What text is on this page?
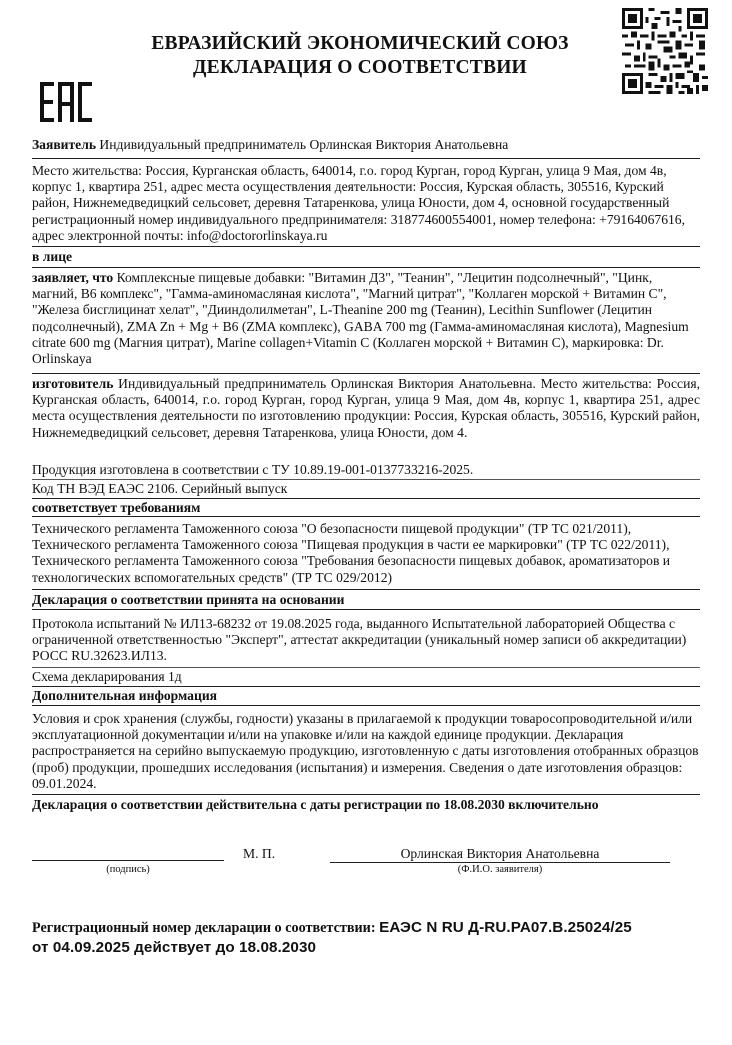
ЕВРАЗИЙСКИЙ ЭКОНОМИЧЕСКИЙ СОЮЗ
ДЕКЛАРАЦИЯ О СООТВЕТСТВИИ
Заявитель Индивидуальный предприниматель Орлинская Виктория Анатольевна
Место жительства: Россия, Курганская область, 640014, г.о. город Курган, город Курган, улица 9 Мая, дом 4в, корпус 1, квартира 251, адрес места осуществления деятельности: Россия, Курская область, 305516, Курский район, Нижнемедведицкий сельсовет, деревня Татаренкова, улица Юности, дом 4, основной государственный регистрационный номер индивидуального предпринимателя: 318774600554001, номер телефона: +79164067616, адрес электронной почты: info@doctororlinskaya.ru
в лице
заявляет, что Комплексные пищевые добавки: "Витамин Д3", "Теанин", "Лецитин подсолнечный", "Цинк, магний, В6 комплекс", "Гамма-аминомасляная кислота", "Магний цитрат", "Коллаген морской + Витамин С", "Железа бисглицинат хелат", "Дииндолилметан", L-Theanine 200 mg (Теанин), Lecithin Sunflower (Лецитин подсолнечный), ZMA Zn + Mg + B6 (ZMA комплекс), GABA 700 mg (Гамма-аминомасляная кислота), Magnesium citrate 600 mg (Магния цитрат), Marine collagen+Vitamin C (Коллаген морской + Витамин С), маркировка: Dr. Orlinskaya
изготовитель Индивидуальный предприниматель Орлинская Виктория Анатольевна. Место жительства: Россия, Курганская область, 640014, г.о. город Курган, город Курган, улица 9 Мая, дом 4в, корпус 1, квартира 251, адрес места осуществления деятельности по изготовлению продукции: Россия, Курская область, 305516, Курский район, Нижнемедведицкий сельсовет, деревня Татаренкова, улица Юности, дом 4.
Продукция изготовлена в соответствии с ТУ 10.89.19-001-0137733216-2025.
Код ТН ВЭД ЕАЭС 2106. Серийный выпуск
соответствует требованиям
Технического регламента Таможенного союза "О безопасности пищевой продукции" (ТР ТС 021/2011), Технического регламента Таможенного союза "Пищевая продукция в части ее маркировки" (ТР ТС 022/2011), Технического регламента Таможенного союза "Требования безопасности пищевых добавок, ароматизаторов и технологических вспомогательных средств" (ТР ТС 029/2012)
Декларация о соответствии принята на основании
Протокола испытаний № ИЛ13-68232 от 19.08.2025 года, выданного Испытательной лабораторией Общества с ограниченной ответственностью "Эксперт", аттестат аккредитации (уникальный номер записи об аккредитации) РОСС RU.32623.ИЛ13.
Схема декларирования 1д
Дополнительная информация
Условия и срок хранения (службы, годности) указаны в прилагаемой к продукции товаросопроводительной и/или эксплуатационной документации и/или на упаковке и/или на каждой единице продукции. Декларация распространяется на серийно выпускаемую продукцию, изготовленную с даты изготовления отобранных образцов (проб) продукции, прошедших исследования (испытания) и измерения. Сведения о дате изготовления образцов: 09.01.2024.
Декларация о соответствии действительна с даты регистрации по 18.08.2030 включительно
М. П.	Орлинская Виктория Анатольевна
(подпись)	(Ф.И.О. заявителя)
Регистрационный номер декларации о соответствии: ЕАЭС N RU Д-RU.PA07.B.25024/25
от 04.09.2025 действует до 18.08.2030
